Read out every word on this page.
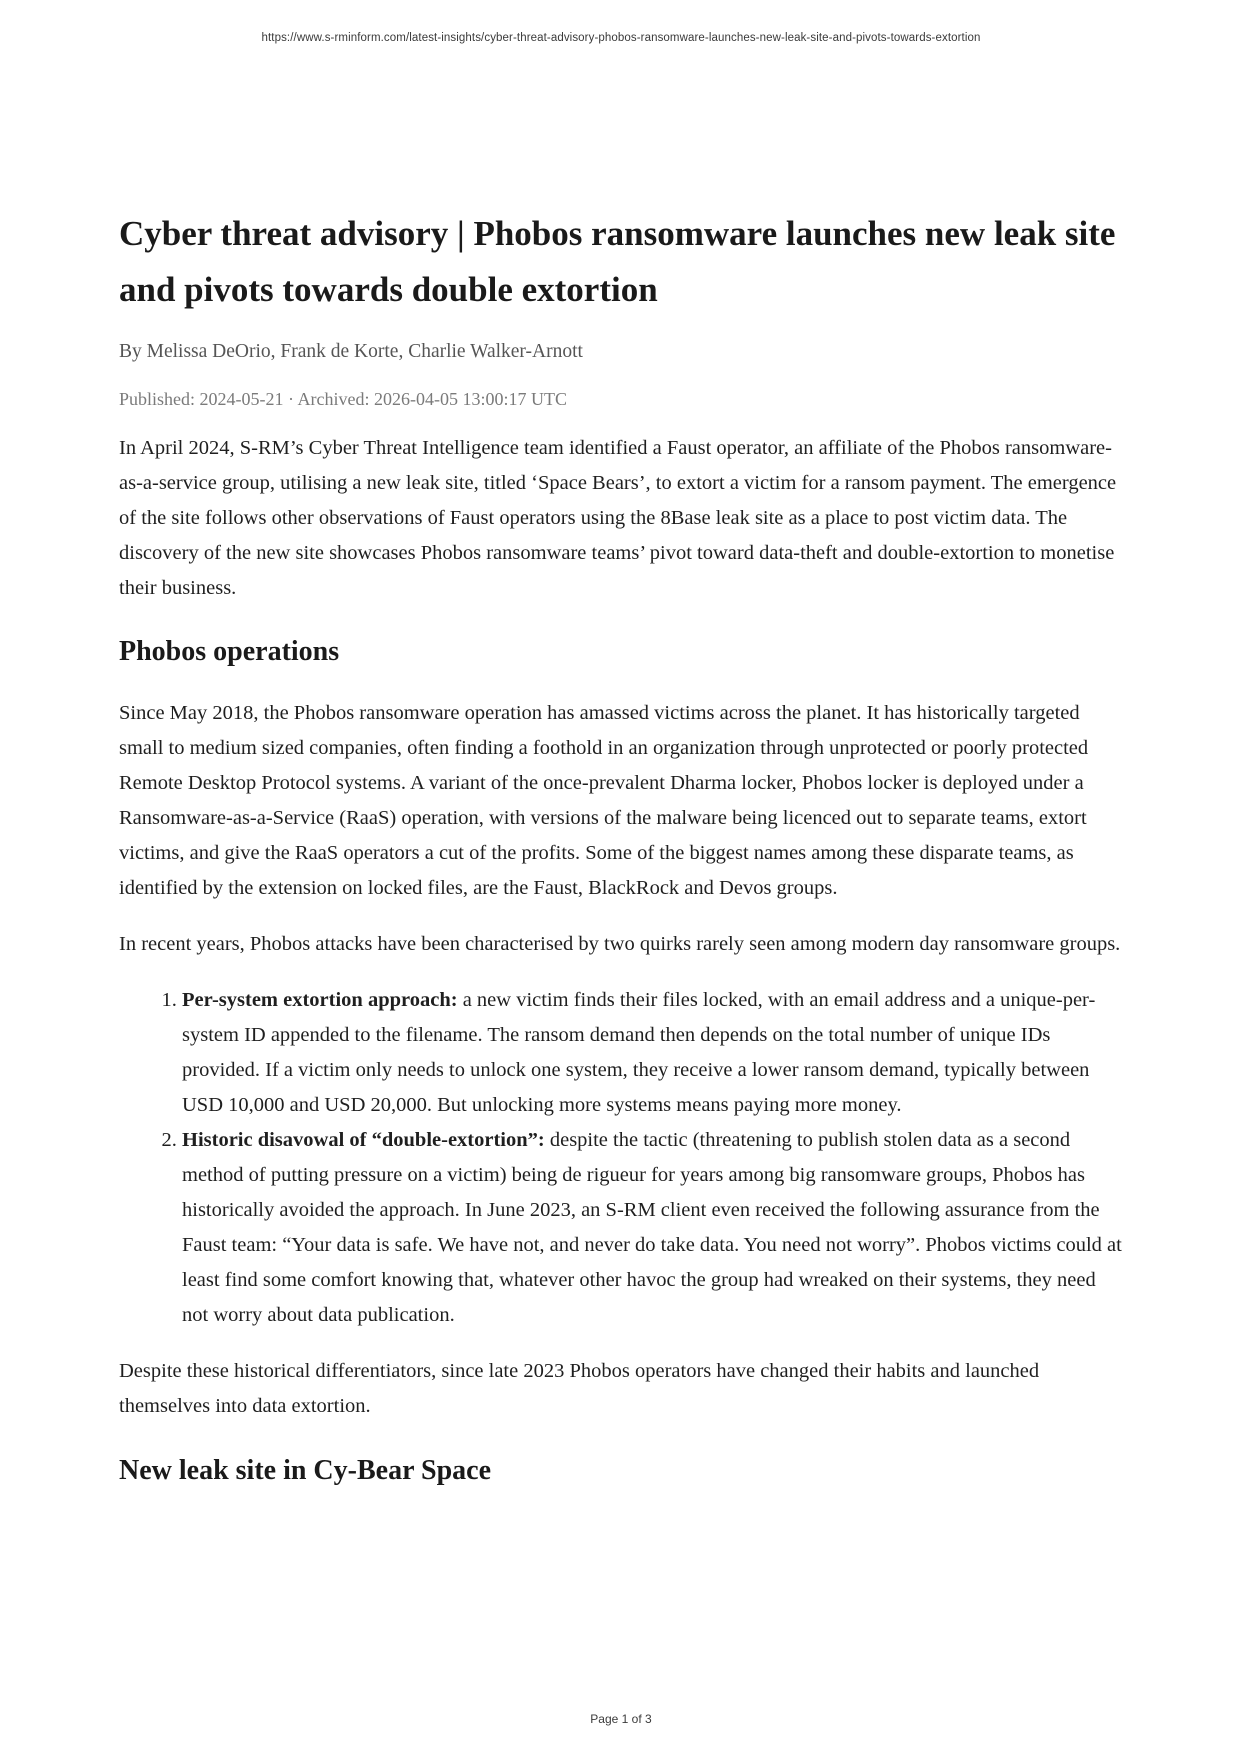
https://www.s-rminform.com/latest-insights/cyber-threat-advisory-phobos-ransomware-launches-new-leak-site-and-pivots-towards-extortion
Cyber threat advisory | Phobos ransomware launches new leak site and pivots towards double extortion
By Melissa DeOrio, Frank de Korte, Charlie Walker-Arnott
Published: 2024-05-21 · Archived: 2026-04-05 13:00:17 UTC

In April 2024, S-RM’s Cyber Threat Intelligence team identified a Faust operator, an affiliate of the Phobos ransomware-as-a-service group, utilising a new leak site, titled ‘Space Bears’, to extort a victim for a ransom payment. The emergence of the site follows other observations of Faust operators using the 8Base leak site as a place to post victim data. The discovery of the new site showcases Phobos ransomware teams’ pivot toward data-theft and double-extortion to monetise their business.

Phobos operations

Since May 2018, the Phobos ransomware operation has amassed victims across the planet. It has historically targeted small to medium sized companies, often finding a foothold in an organization through unprotected or poorly protected Remote Desktop Protocol systems. A variant of the once-prevalent Dharma locker, Phobos locker is deployed under a Ransomware-as-a-Service (RaaS) operation, with versions of the malware being licenced out to separate teams, extort victims, and give the RaaS operators a cut of the profits. Some of the biggest names among these disparate teams, as identified by the extension on locked files, are the Faust, BlackRock and Devos groups.

In recent years, Phobos attacks have been characterised by two quirks rarely seen among modern day ransomware groups.

1. Per-system extortion approach: a new victim finds their files locked, with an email address and a unique-per- system ID appended to the filename. The ransom demand then depends on the total number of unique IDs provided. If a victim only needs to unlock one system, they receive a lower ransom demand, typically between USD 10,000 and USD 20,000. But unlocking more systems means paying more money.
2. Historic disavowal of “double-extortion”: despite the tactic (threatening to publish stolen data as a second method of putting pressure on a victim) being de rigueur for years among big ransomware groups, Phobos has historically avoided the approach. In June 2023, an S-RM client even received the following assurance from the Faust team: “Your data is safe. We have not, and never do take data. You need not worry”. Phobos victims could at least find some comfort knowing that, whatever other havoc the group had wreaked on their systems, they need not worry about data publication.

Despite these historical differentiators, since late 2023 Phobos operators have changed their habits and launched themselves into data extortion.

New leak site in Cy-Bear Space
Page 1 of 3
